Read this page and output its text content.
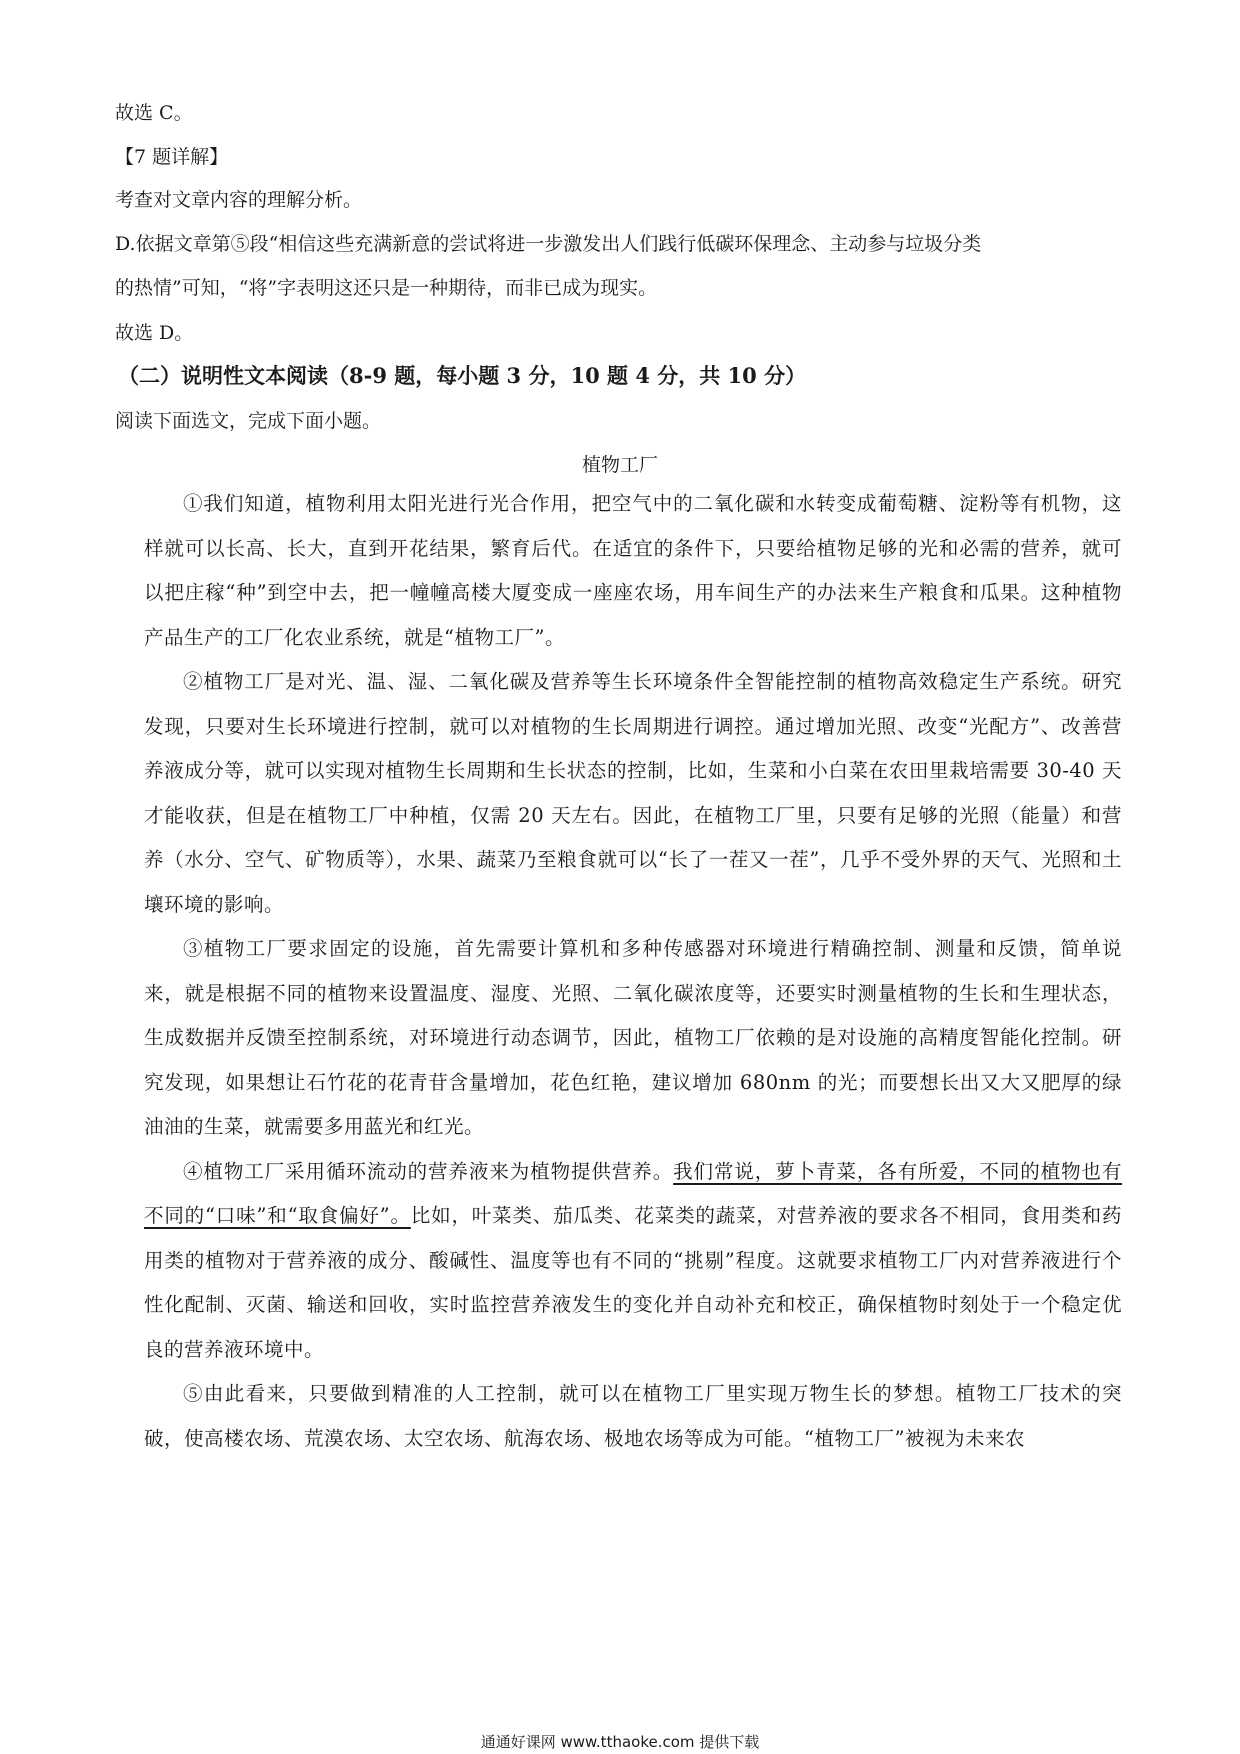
故选 C。
【7 题详解】
考查对文章内容的理解分析。
D.依据文章第⑤段“相信这些充满新意的尝试将进一步激发出人们践行低碳环保理念、主动参与垃圾分类
的热情”可知，“将”字表明这还只是一种期待，而非已成为现实。
故选 D。
（二）说明性文本阅读（8-9 题，每小题 3 分，10 题 4 分，共 10 分）
阅读下面选文，完成下面小题。
植物工厂

①我们知道，植物利用太阳光进行光合作用，把空气中的二氧化碳和水转变成葡萄糖、淀粉等有机物，这样就可以长高、长大，直到开花结果，繁育后代。在适宜的条件下，只要给植物足够的光和必需的营养，就可以把庄稼“种”到空中去，把一幢幢高楼大厦变成一座座农场，用车间生产的办法来生产粮食和瓜果。这种植物产品生产的工厂化农业系统，就是“植物工厂”。

②植物工厂是对光、温、湿、二氧化碳及营养等生长环境条件全智能控制的植物高效稳定生产系统。研究发现，只要对生长环境进行控制，就可以对植物的生长周期进行调控。通过增加光照、改变“光配方”、改善营养液成分等，就可以实现对植物生长周期和生长状态的控制，比如，生菜和小白菜在农田里栽培需要 30-40 天才能收获，但是在植物工厂中种植，仅需 20 天左右。因此，在植物工厂里，只要有足够的光照（能量）和营养（水分、空气、矿物质等），水果、蔬菜乃至粮食就可以“长了一茬又一茬”，几乎不受外界的天气、光照和土壤环境的影响。

③植物工厂要求固定的设施，首先需要计算机和多种传感器对环境进行精确控制、测量和反馈，简单说来，就是根据不同的植物来设置温度、湿度、光照、二氧化碳浓度等，还要实时测量植物的生长和生理状态，生成数据并反馈至控制系统，对环境进行动态调节，因此，植物工厂依赖的是对设施的高精度智能化控制。研究发现，如果想让石竹花的花青苷含量增加，花色红艳，建议增加 680nm 的光；而要想长出又大又肥厚的绿油油的生菜，就需要多用蓝光和红光。

④植物工厂采用循环流动的营养液来为植物提供营养。我们常说，萝卜青菜，各有所爱，不同的植物也有不同的“口味”和“取食偏好”。比如，叶菜类、茄瓜类、花菜类的蔬菜，对营养液的要求各不相同，食用类和药用类的植物对于营养液的成分、酸碱性、温度等也有不同的“挑剔”程度。这就要求植物工厂内对营养液进行个性化配制、灭菌、输送和回收，实时监控营养液发生的变化并自动补充和校正，确保植物时刻处于一个稳定优良的营养液环境中。

⑤由此看来，只要做到精准的人工控制，就可以在植物工厂里实现万物生长的梦想。植物工厂技术的突破，使高楼农场、荒漠农场、太空农场、航海农场、极地农场等成为可能。“植物工厂”被视为未来农

通通好课网 www.tthaoke.com 提供下载
